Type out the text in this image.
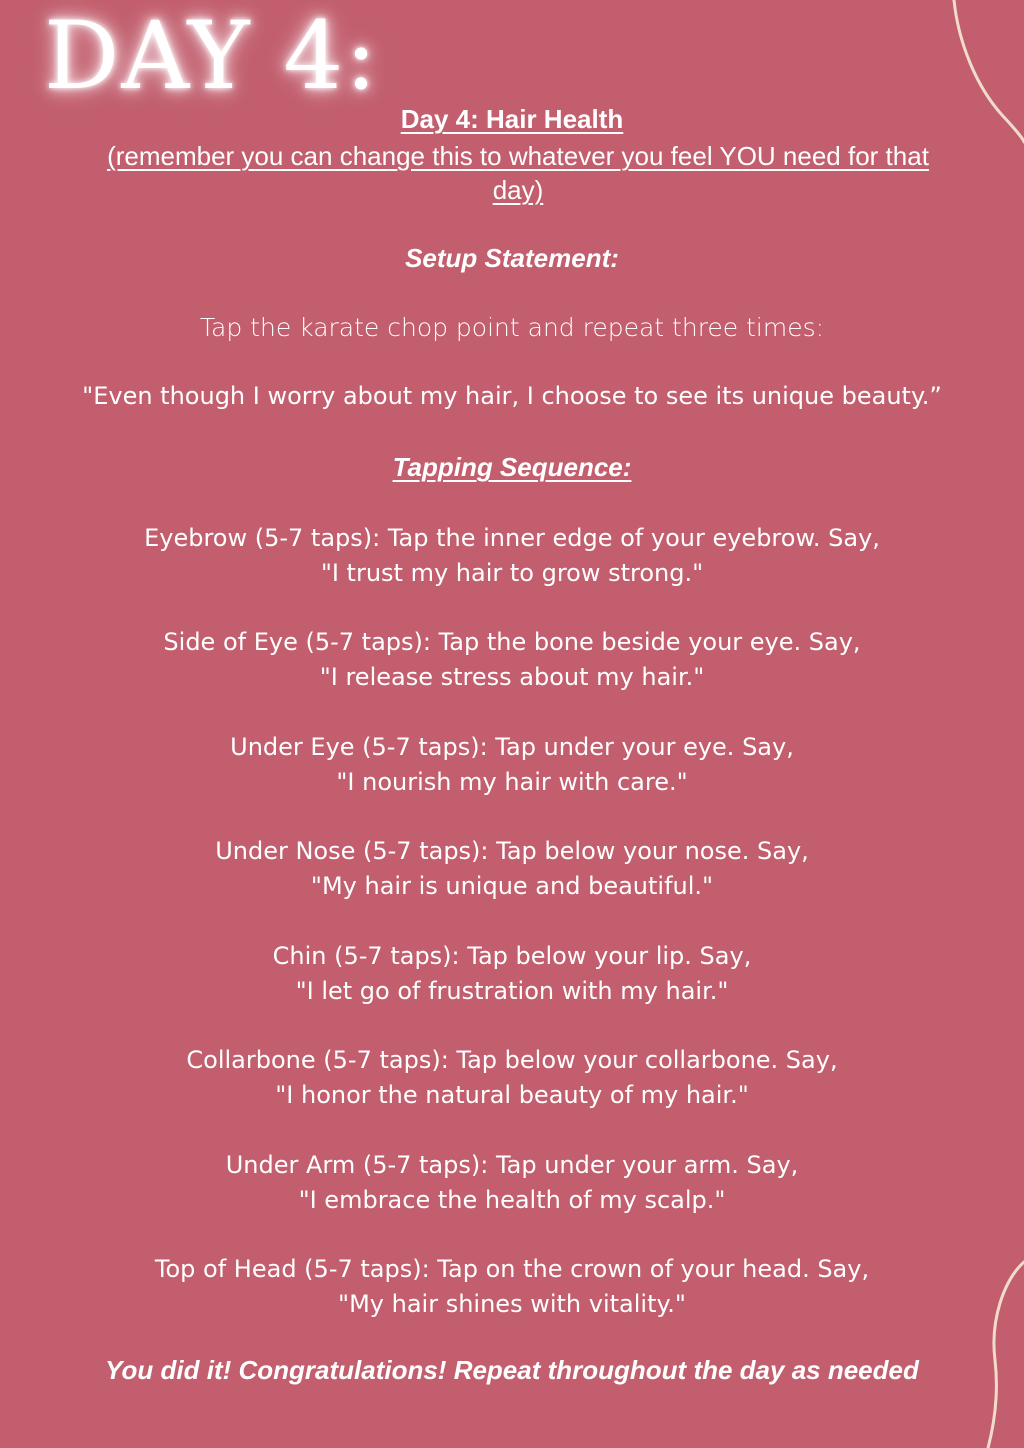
DAY 4:
Day 4: Hair Health
(remember you can change this to whatever you feel YOU need for that
day)
Setup Statement:
Tap the karate chop point and repeat three times:
"Even though I worry about my hair, I choose to see its unique beauty.”
Tapping Sequence:
Eyebrow (5-7 taps): Tap the inner edge of your eyebrow. Say,
"I trust my hair to grow strong."
Side of Eye (5-7 taps): Tap the bone beside your eye. Say,
"I release stress about my hair."
Under Eye (5-7 taps): Tap under your eye. Say,
"I nourish my hair with care."
Under Nose (5-7 taps): Tap below your nose. Say,
"My hair is unique and beautiful."
Chin (5-7 taps): Tap below your lip. Say,
"I let go of frustration with my hair."
Collarbone (5-7 taps): Tap below your collarbone. Say,
"I honor the natural beauty of my hair."
Under Arm (5-7 taps): Tap under your arm. Say,
"I embrace the health of my scalp."
Top of Head (5-7 taps): Tap on the crown of your head. Say,
"My hair shines with vitality."
You did it! Congratulations! Repeat throughout the day as needed
